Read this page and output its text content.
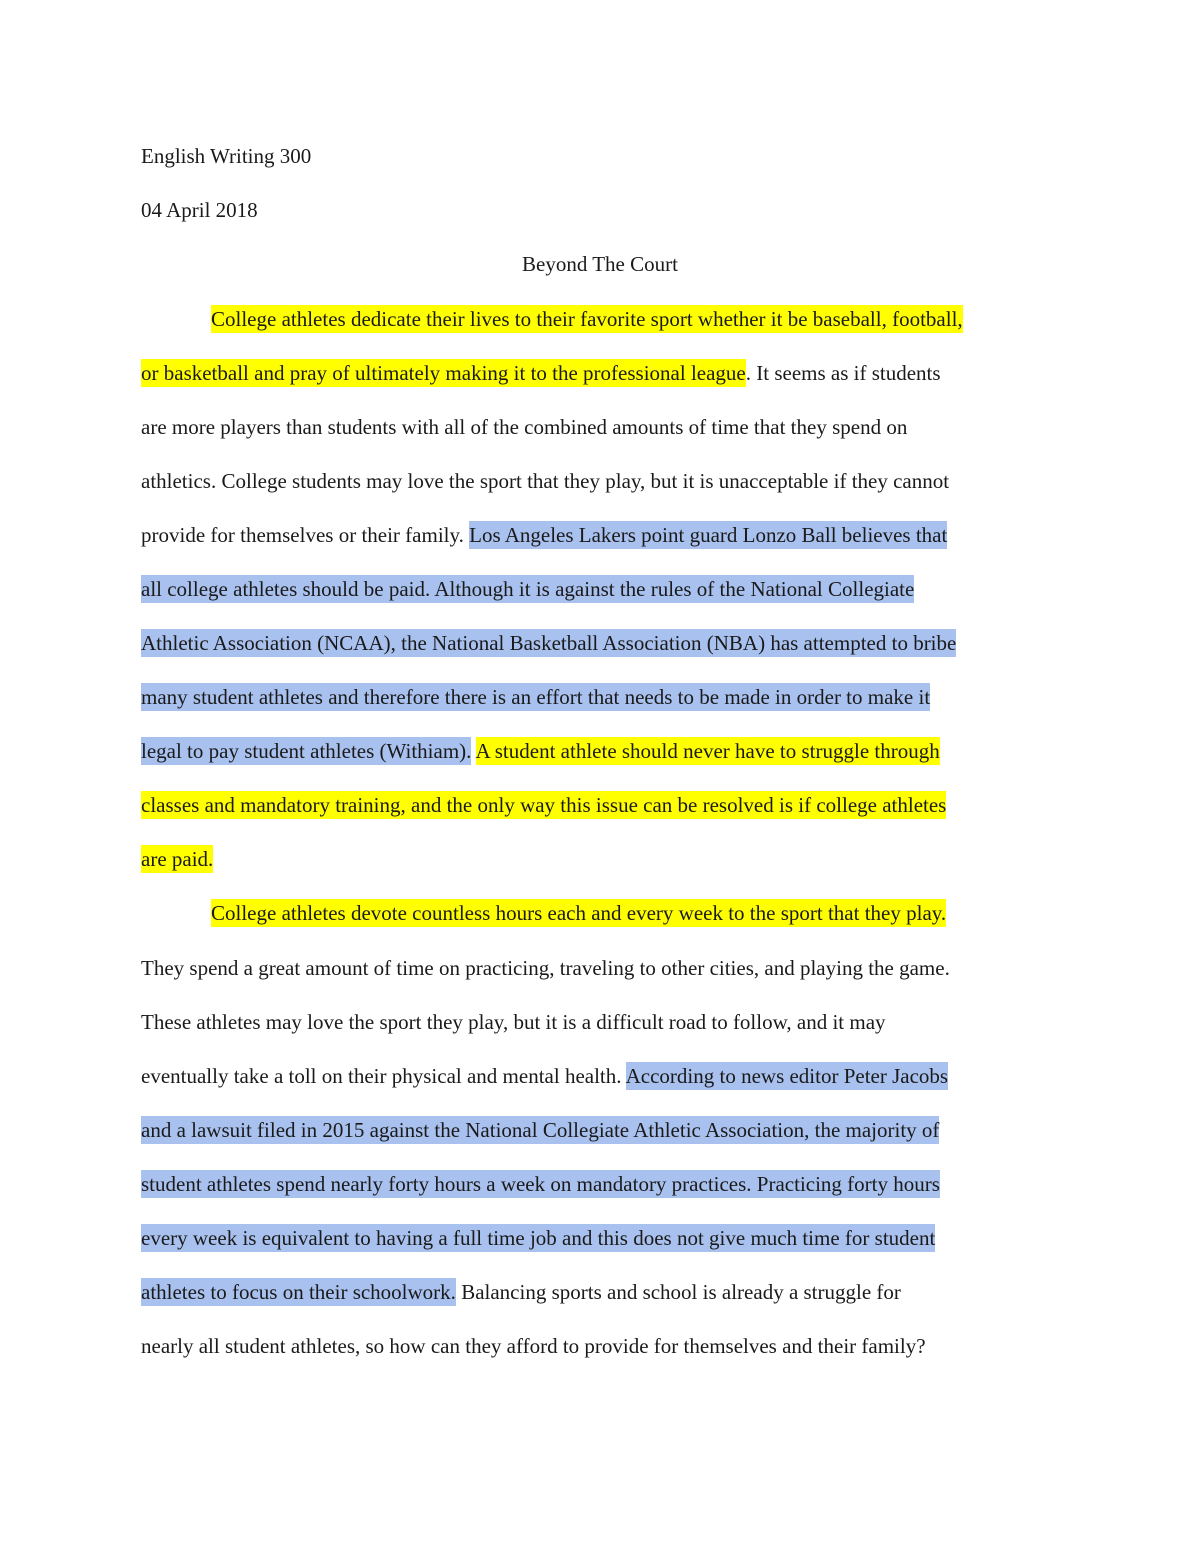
English Writing 300
04 April 2018
Beyond The Court
College athletes dedicate their lives to their favorite sport whether it be baseball, football,
or basketball and pray of ultimately making it to the professional league. It seems as if students
are more players than students with all of the combined amounts of time that they spend on
athletics. College students may love the sport that they play, but it is unacceptable if they cannot
provide for themselves or their family. Los Angeles Lakers point guard Lonzo Ball believes that
all college athletes should be paid. Although it is against the rules of the National Collegiate
Athletic Association (NCAA), the National Basketball Association (NBA) has attempted to bribe
many student athletes and therefore there is an effort that needs to be made in order to make it
legal to pay student athletes (Withiam). A student athlete should never have to struggle through
classes and mandatory training, and the only way this issue can be resolved is if college athletes
are paid.
College athletes devote countless hours each and every week to the sport that they play.
They spend a great amount of time on practicing, traveling to other cities, and playing the game.
These athletes may love the sport they play, but it is a difficult road to follow, and it may
eventually take a toll on their physical and mental health. According to news editor Peter Jacobs
and a lawsuit filed in 2015 against the National Collegiate Athletic Association, the majority of
student athletes spend nearly forty hours a week on mandatory practices. Practicing forty hours
every week is equivalent to having a full time job and this does not give much time for student
athletes to focus on their schoolwork. Balancing sports and school is already a struggle for
nearly all student athletes, so how can they afford to provide for themselves and their family?
